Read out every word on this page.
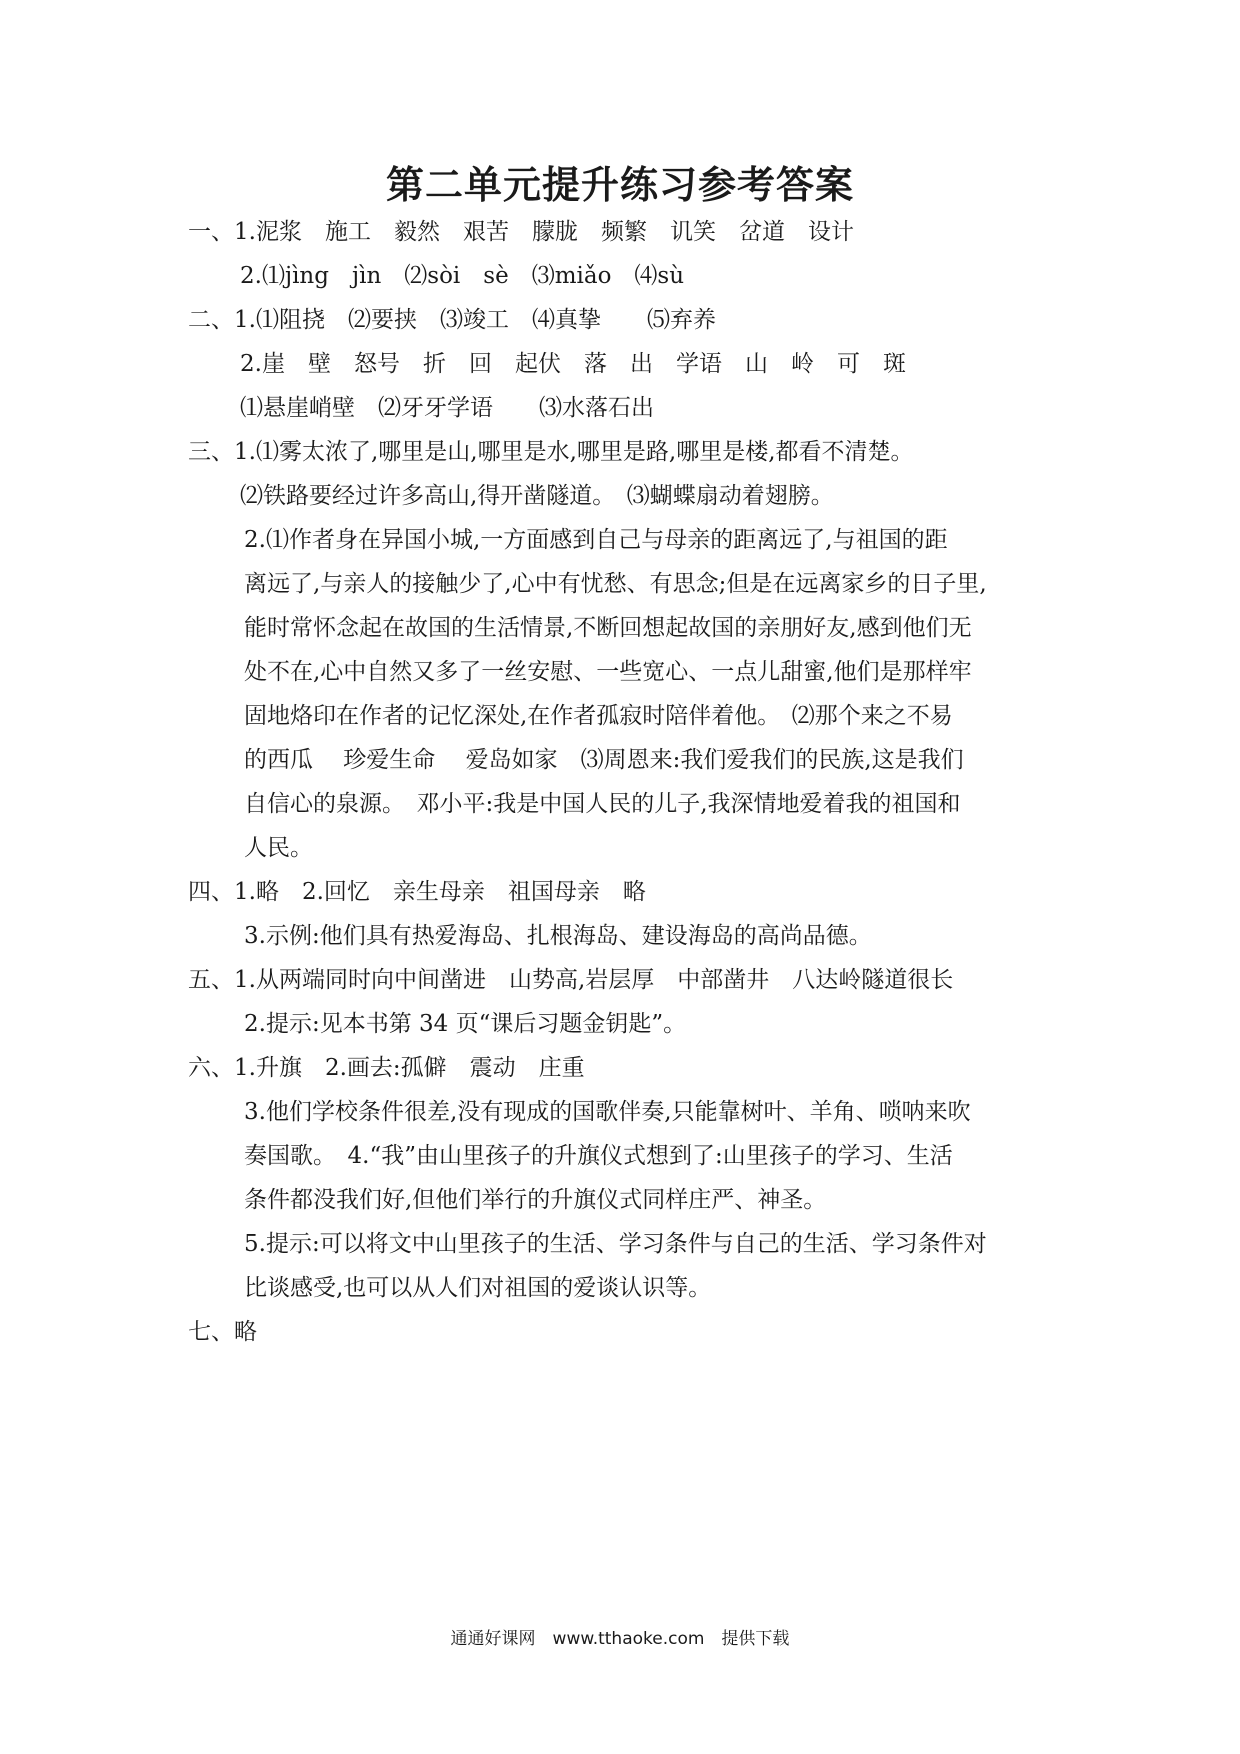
第二单元提升练习参考答案
一、1.泥浆　施工　毅然　艰苦　朦胧　频繁　讥笑　岔道　设计
2.⑴jìng　jìn　⑵sòi　sè　⑶miǎo　⑷sù
二、1.⑴阻挠　⑵要挟　⑶竣工　⑷真挚　　⑸弃养
2.崖　壁　怒号　折　回　起伏　落　出　学语　山　岭　可　斑
⑴悬崖峭壁　⑵牙牙学语　　⑶水落石出
三、1.⑴雾太浓了,哪里是山,哪里是水,哪里是路,哪里是楼,都看不清楚。
⑵铁路要经过许多高山,得开凿隧道。　⑶蝴蝶扇动着翅膀。
2.⑴作者身在异国小城,一方面感到自己与母亲的距离远了,与祖国的距
离远了,与亲人的接触少了,心中有忧愁、有思念;但是在远离家乡的日子里,
能时常怀念起在故国的生活情景,不断回想起故国的亲朋好友,感到他们无
处不在,心中自然又多了一丝安慰、一些宽心、一点儿甜蜜,他们是那样牢
固地烙印在作者的记忆深处,在作者孤寂时陪伴着他。　⑵那个来之不易
的西瓜　 珍爱生命　 爱岛如家　⑶周恩来:我们爱我们的民族,这是我们
自信心的泉源。　邓小平:我是中国人民的儿子,我深情地爱着我的祖国和
人民。
四、1.略　2.回忆　亲生母亲　祖国母亲　略
3.示例:他们具有热爱海岛、扎根海岛、建设海岛的高尚品德。
五、1.从两端同时向中间凿进　山势高,岩层厚　中部凿井　八达岭隧道很长
2.提示:见本书第 34 页“课后习题金钥匙”。
六、1.升旗　2.画去:孤僻　震动　庄重
3.他们学校条件很差,没有现成的国歌伴奏,只能靠树叶、羊角、唢呐来吹
奏国歌。　4.“我”由山里孩子的升旗仪式想到了:山里孩子的学习、生活
条件都没我们好,但他们举行的升旗仪式同样庄严、神圣。
5.提示:可以将文中山里孩子的生活、学习条件与自己的生活、学习条件对
比谈感受,也可以从人们对祖国的爱谈认识等。
七、略
通通好课网　www.tthaoke.com　提供下载
